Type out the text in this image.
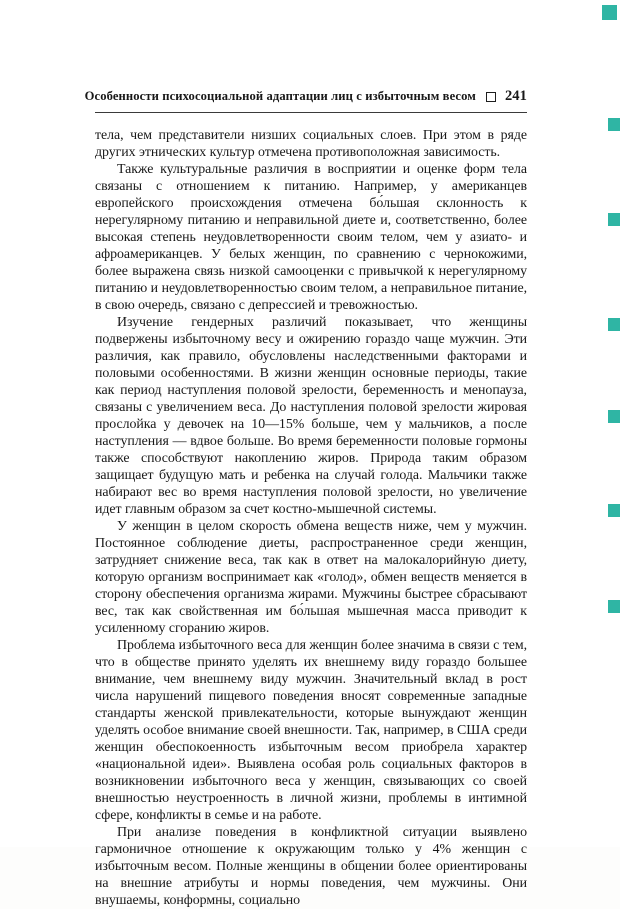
Особенности психосоциальной адаптации лиц с избыточным весом 241

тела, чем представители низших социальных слоев. При этом в ряде других этнических культур отмечена противоположная зависимость.

Также культуральные различия в восприятии и оценке форм тела связаны с отношением к питанию. Например, у американцев европейского происхождения отмечена бо́льшая склонность к нерегулярному питанию и неправильной диете и, соответственно, более высокая степень неудовлетворенности своим телом, чем у азиато- и афроамериканцев. У белых женщин, по сравнению с чернокожими, более выражена связь низкой самооценки с привычкой к нерегулярному питанию и неудовлетворенностью своим телом, а неправильное питание, в свою очередь, связано с депрессией и тревожностью.

Изучение гендерных различий показывает, что женщины подвержены избыточному весу и ожирению гораздо чаще мужчин. Эти различия, как правило, обусловлены наследственными факторами и половыми особенностями. В жизни женщин основные периоды, такие как период наступления половой зрелости, беременность и менопауза, связаны с увеличением веса. До наступления половой зрелости жировая прослойка у девочек на 10—15% больше, чем у мальчиков, а после наступления — вдвое больше. Во время беременности половые гормоны также способствуют накоплению жиров. Природа таким образом защищает будущую мать и ребенка на случай голода. Мальчики также набирают вес во время наступления половой зрелости, но увеличение идет главным образом за счет костно-мышечной системы.

У женщин в целом скорость обмена веществ ниже, чем у мужчин. Постоянное соблюдение диеты, распространенное среди женщин, затрудняет снижение веса, так как в ответ на малокалорийную диету, которую организм воспринимает как «голод», обмен веществ меняется в сторону обеспечения организма жирами. Мужчины быстрее сбрасывают вес, так как свойственная им бо́льшая мышечная масса приводит к усиленному сгоранию жиров.

Проблема избыточного веса для женщин более значима в связи с тем, что в обществе принято уделять их внешнему виду гораздо большее внимание, чем внешнему виду мужчин. Значительный вклад в рост числа нарушений пищевого поведения вносят современные западные стандарты женской привлекательности, которые вынуждают женщин уделять особое внимание своей внешности. Так, например, в США среди женщин обеспокоенность избыточным весом приобрела характер «национальной идеи». Выявлена особая роль социальных факторов в возникновении избыточного веса у женщин, связывающих со своей внешностью неустроенность в личной жизни, проблемы в интимной сфере, конфликты в семье и на работе.

При анализе поведения в конфликтной ситуации выявлено гармоничное отношение к окружающим только у 4% женщин с избыточным весом. Полные женщины в общении более ориентированы на внешние атрибуты и нормы поведения, чем мужчины. Они внушаемы, конформны, социально
